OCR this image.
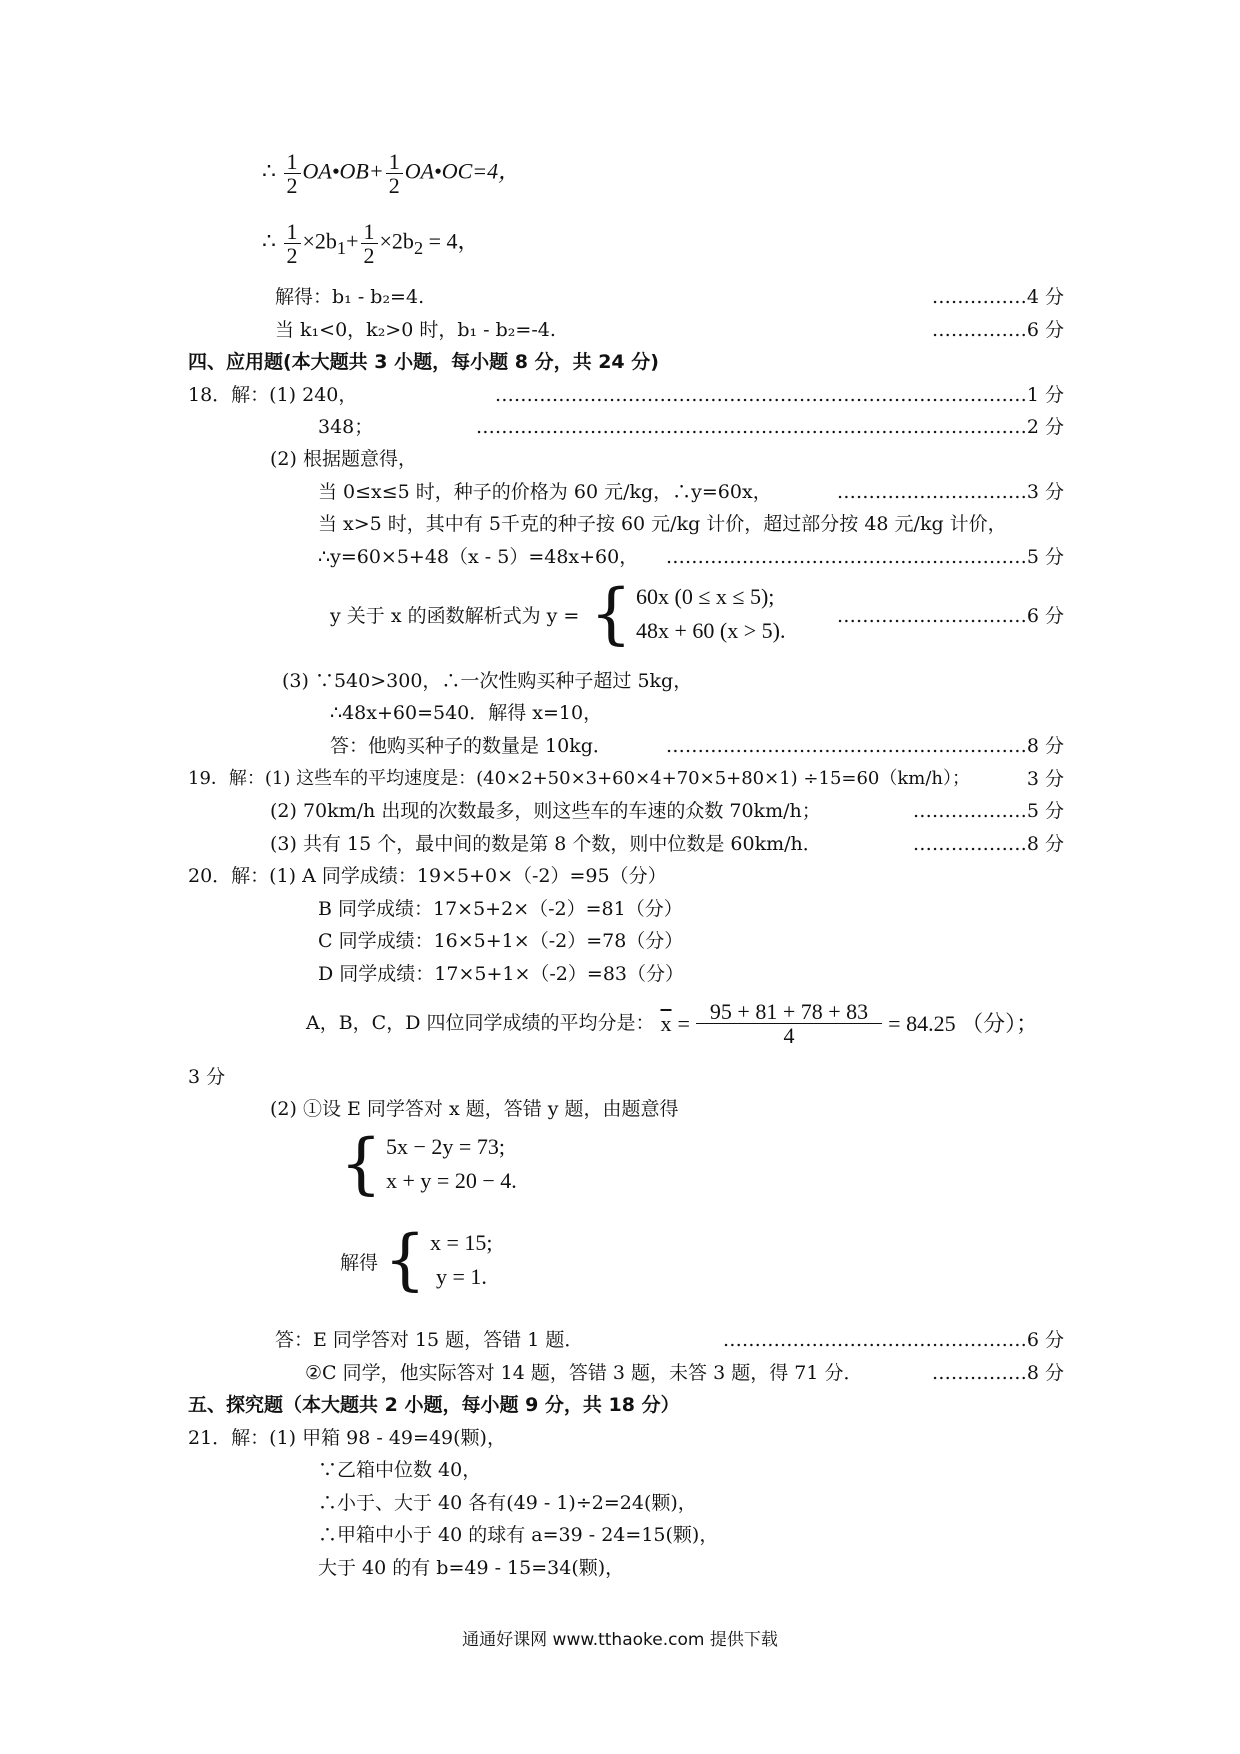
∴ $\frac{1}{2}$ OA•OB+ $\frac{1}{2}$ OA•OC=4，
∴ $\frac{1}{2} \times 2b_1+ \frac{1}{2} \times 2b_2 = 4$，
解得：b₁ - b₂=4.	……………4 分
当 k₁<0，k₂>0 时，b₁ - b₂=-4.	……………6 分
四、应用题(本大题共 3 小题，每小题 8 分，共 24 分)
18．解：(1) 240，	…………………………………………………………………………1 分
348；	……………………………………………………………………………2 分
(2) 根据题意得，
当 0≤x≤5 时，种子的价格为 60 元/kg，∴y=60x，	…………………………3 分
当 x>5 时，其中有 5千克的种子按 60 元/kg 计价，超过部分按 48 元/kg 计价，
∴y=60×5+48（x - 5）=48x+60， …………………………………………………5 分
y 关于 x 的函数解析式为 y = { 60x (0 ≤ x ≤ 5);
48x + 60 (x > 5).
…………………………6 分
(3) ∵540>300，∴一次性购买种子超过 5kg，
∴48x+60=540．解得 x=10，
答：他购买种子的数量是 10kg．	…………………………………………………8 分
19．解：(1) 这些车的平均速度是：(40×2+50×3+60×4+70×5+80×1) ÷15=60（km/h）；	3 分
(2) 70km/h 出现的次数最多，则这些车的车速的众数 70km/h；	………………5 分
(3) 共有 15 个，最中间的数是第 8 个数，则中位数是 60km/h．	………………8 分
20．解：(1) A 同学成绩：19×5+0×（-2）=95（分）
B 同学成绩：17×5+2×（-2）=81（分）
C 同学成绩：16×5+1×（-2）=78（分）
D 同学成绩：17×5+1×（-2）=83（分）
A，B，C，D 四位同学成绩的平均分是： $\overline{x} = \frac{95 + 81 + 78 + 83}{4} = 84.25$ （分）；
3 分
(2) ①设 E 同学答对 x 题，答错 y 题，由题意得
{ 5x − 2y = 73;
x + y = 20 − 4.
解得 { x = 15;
y = 1.
答：E 同学答对 15 题，答错 1 题．	…………………………………………6 分
②C 同学，他实际答对 14 题，答错 3 题，未答 3 题，得 71 分．	……………8 分
五、探究题（本大题共 2 小题，每小题 9 分，共 18 分）
21．解：(1) 甲箱 98 - 49=49(颗)，
∵乙箱中位数 40，
∴小于、大于 40 各有(49 - 1)÷2=24(颗)，
∴甲箱中小于 40 的球有 a=39 - 24=15(颗)，
大于 40 的有 b=49 - 15=34(颗)，
通通好课网 www.tthaoke.com 提供下载
